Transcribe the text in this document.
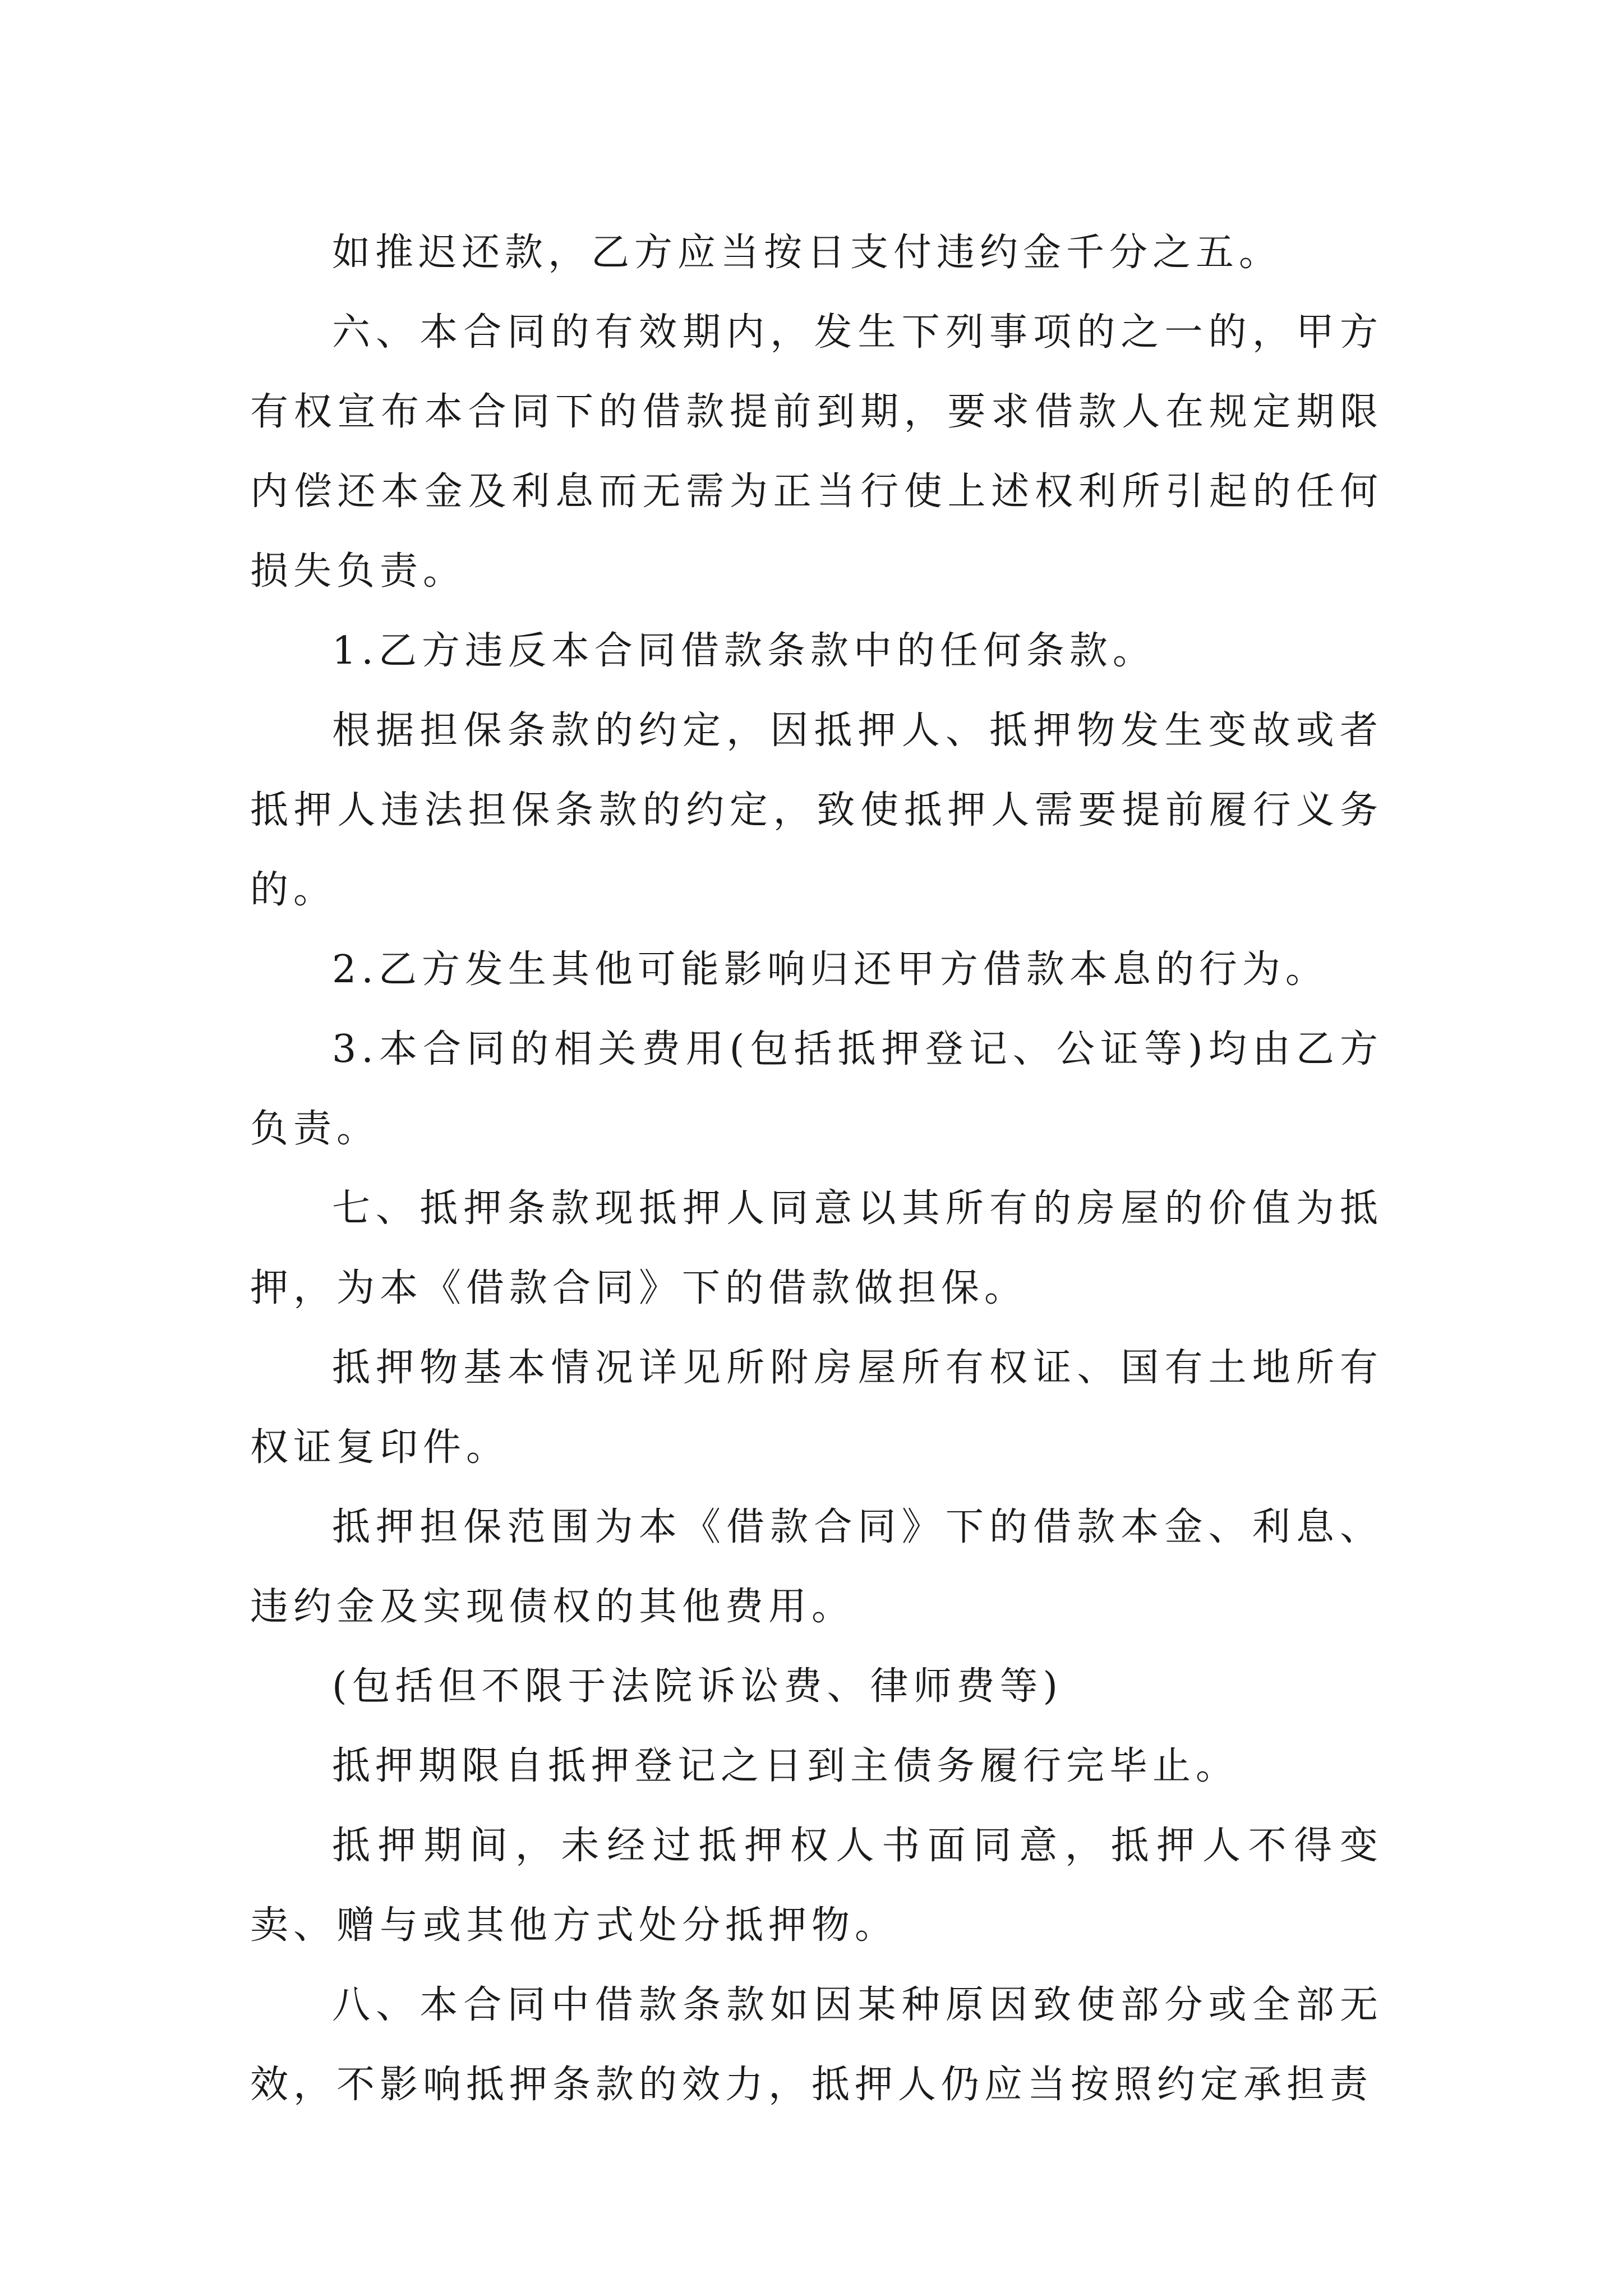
如推迟还款，乙方应当按日支付违约金千分之五。

六、本合同的有效期内，发生下列事项的之一的，甲方有权宣布本合同下的借款提前到期，要求借款人在规定期限内偿还本金及利息而无需为正当行使上述权利所引起的任何损失负责。

1.乙方违反本合同借款条款中的任何条款。

根据担保条款的约定，因抵押人、抵押物发生变故或者抵押人违法担保条款的约定，致使抵押人需要提前履行义务的。

2.乙方发生其他可能影响归还甲方借款本息的行为。

3.本合同的相关费用(包括抵押登记、公证等)均由乙方负责。

七、抵押条款现抵押人同意以其所有的房屋的价值为抵押，为本《借款合同》下的借款做担保。

抵押物基本情况详见所附房屋所有权证、国有土地所有权证复印件。

抵押担保范围为本《借款合同》下的借款本金、利息、违约金及实现债权的其他费用。

(包括但不限于法院诉讼费、律师费等)

抵押期限自抵押登记之日到主债务履行完毕止。

抵押期间，未经过抵押权人书面同意，抵押人不得变卖、赠与或其他方式处分抵押物。

八、本合同中借款条款如因某种原因致使部分或全部无效，不影响抵押条款的效力，抵押人仍应当按照约定承担责
